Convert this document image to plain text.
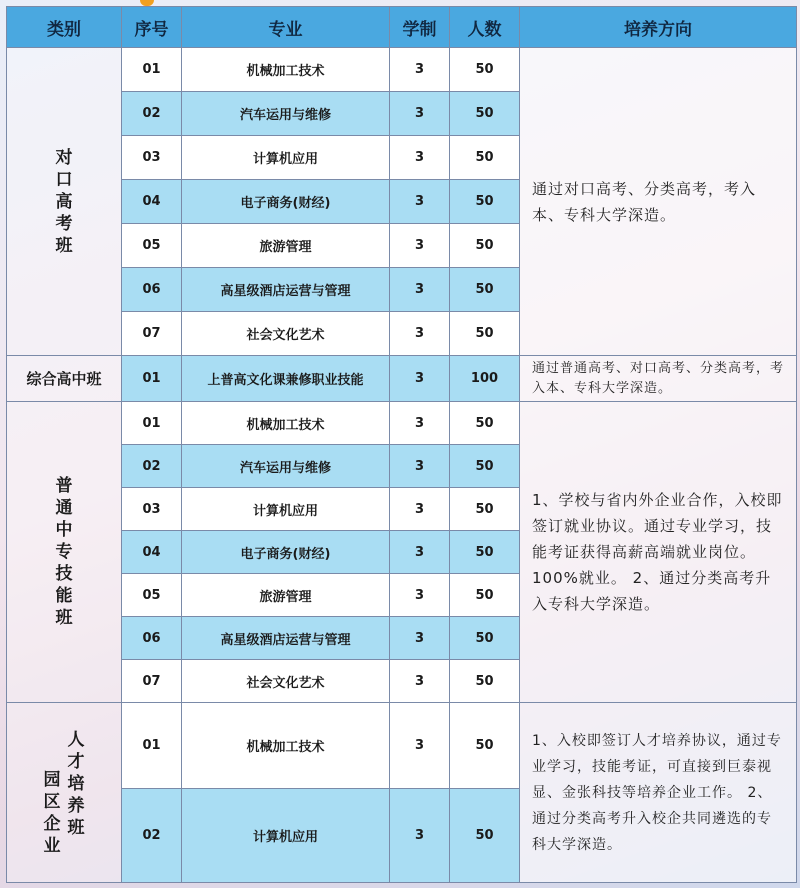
类别	序号	专业	学制	人数	培养方向
对口高考班	01	机械加工技术	3	50	通过对口高考、分类高考，考入本、专科大学深造。
	02	汽车运用与维修	3	50	
	03	计算机应用	3	50	
	04	电子商务(财经)	3	50	
	05	旅游管理	3	50	
	06	高星级酒店运营与管理	3	50	
	07	社会文化艺术	3	50	
综合高中班	01	上普高文化课兼修职业技能	3	100	通过普通高考、对口高考、分类高考，考入本、专科大学深造。
普通中专技能班	01	机械加工技术	3	50	1、学校与省内外企业合作，入校即签订就业协议。通过专业学习，技能考证获得高薪高端就业岗位。100%就业。 2、通过分类高考升入专科大学深造。
	02	汽车运用与维修	3	50	
	03	计算机应用	3	50	
	04	电子商务(财经)	3	50	
	05	旅游管理	3	50	
	06	高星级酒店运营与管理	3	50	
	07	社会文化艺术	3	50	

园区企业
人才培养班	01	机械加工技术	3	50	1、入校即签订人才培养协议，通过专业学习，技能考证，可直接到巨泰视显、金张科技等培养企业工作。 2、通过分类高考升入校企共同遴选的专科大学深造。
	02	计算机应用	3	50	
